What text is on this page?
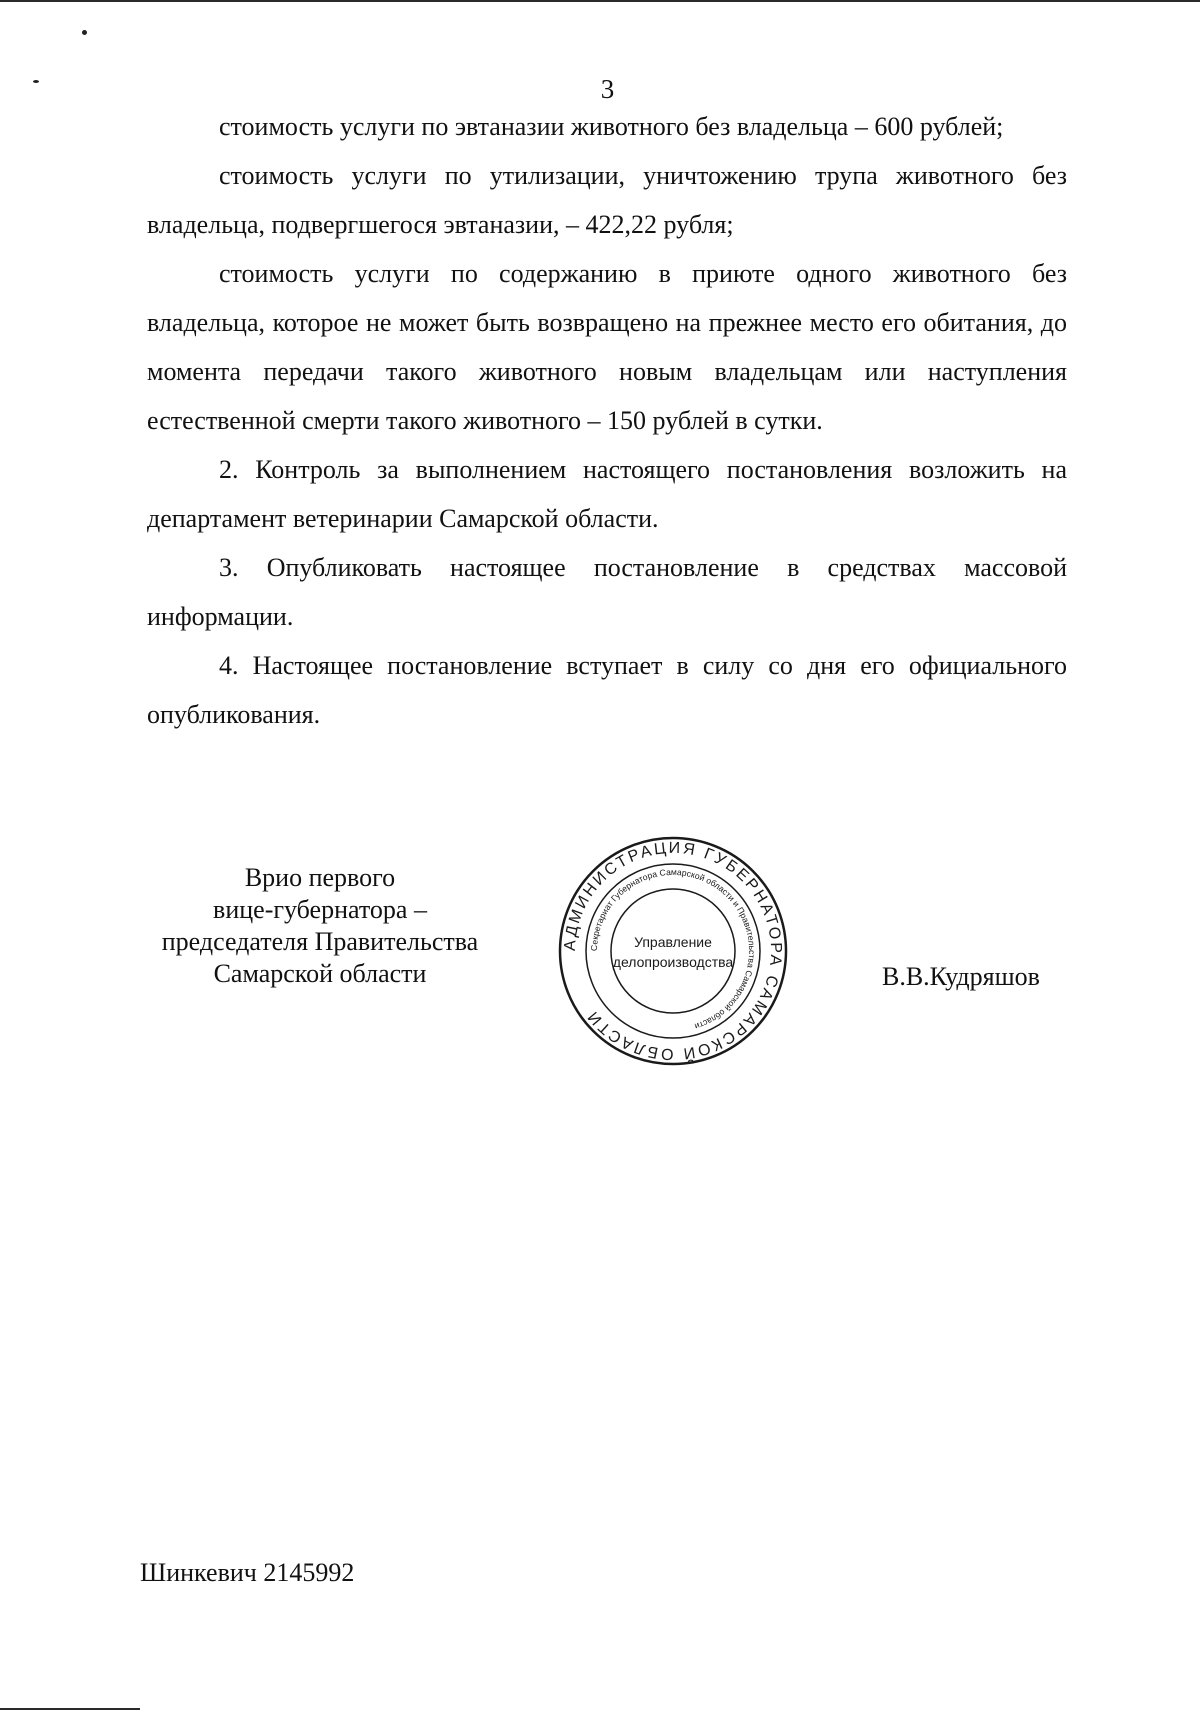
3

стоимость услуги по эвтаназии животного без владельца – 600 рублей;

стоимость услуги по утилизации, уничтожению трупа животного без владельца, подвергшегося эвтаназии, – 422,22 рубля;

стоимость услуги по содержанию в приюте одного животного без владельца, которое не может быть возвращено на прежнее место его обитания, до момента передачи такого животного новым владельцам или наступления естественной смерти такого животного – 150 рублей в сутки.

2. Контроль за выполнением настоящего постановления возложить на департамент ветеринарии Самарской области.

3. Опубликовать настоящее постановление в средствах массовой информации.

4. Настоящее постановление вступает в силу со дня его официального опубликования.

Врио первого
вице-губернатора –
председателя Правительства
Самарской области
АДМИНИСТРАЦИЯ ГУБЕРНАТОРА САМАРСКОЙ ОБЛАСТИ
Секретариат Губернатора Самарской области и Правительства Самарской области
Управление
делопроизводства	В.В.Кудряшов
Шинкевич 2145992
